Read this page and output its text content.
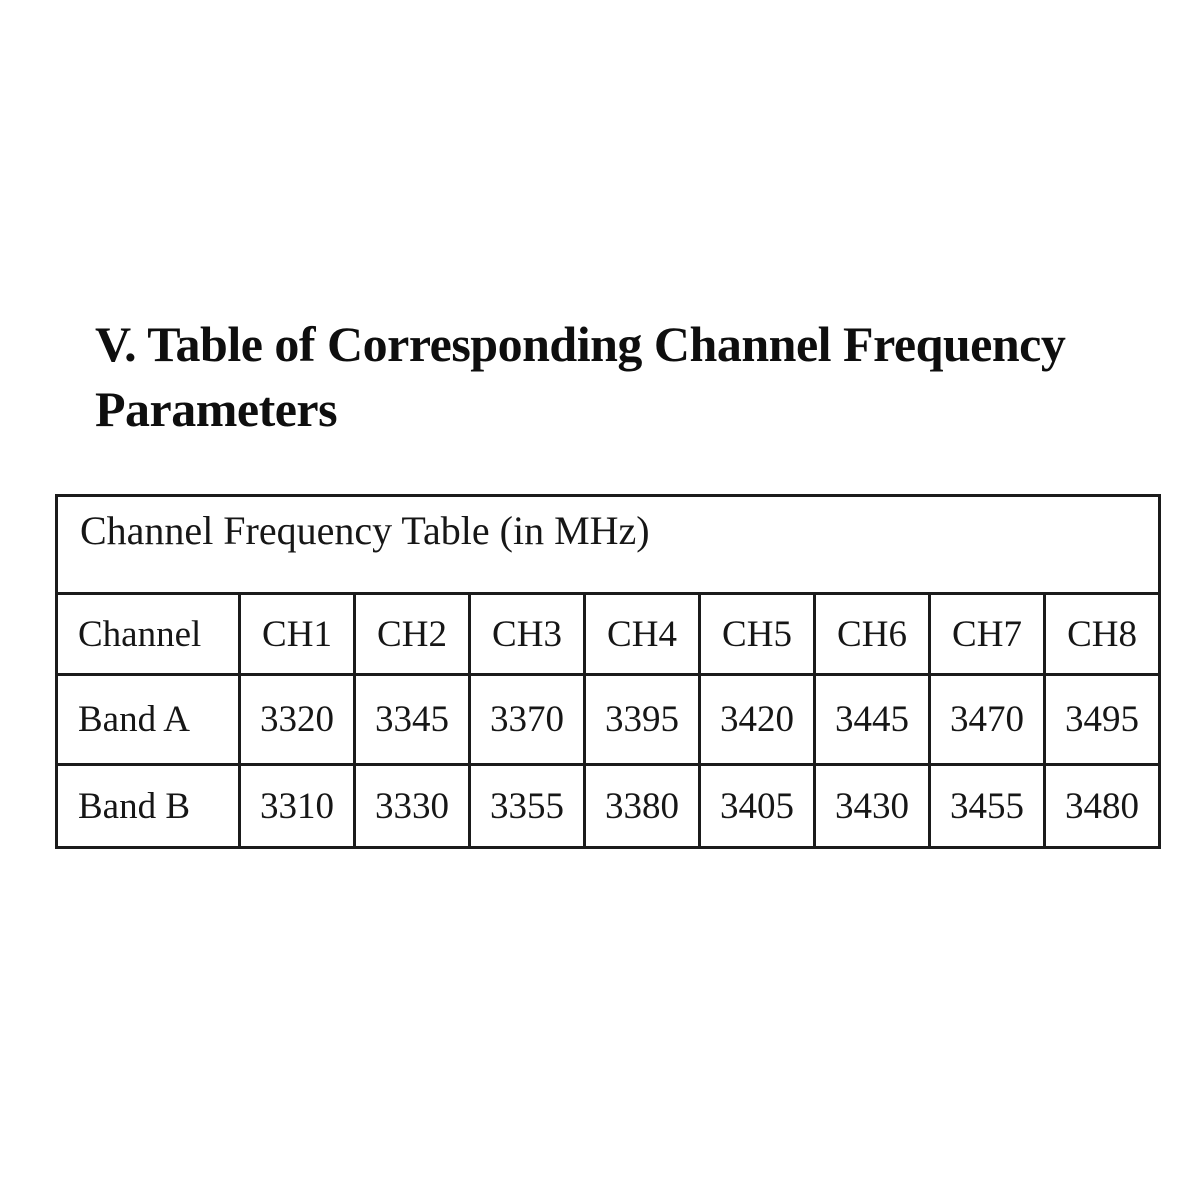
V. Table of Corresponding Channel Frequency
Parameters
Channel Frequency Table (in MHz)								
Channel	CH1	CH2	CH3	CH4	CH5	CH6	CH7	CH8
Band A	3320	3345	3370	3395	3420	3445	3470	3495
Band B	3310	3330	3355	3380	3405	3430	3455	3480
